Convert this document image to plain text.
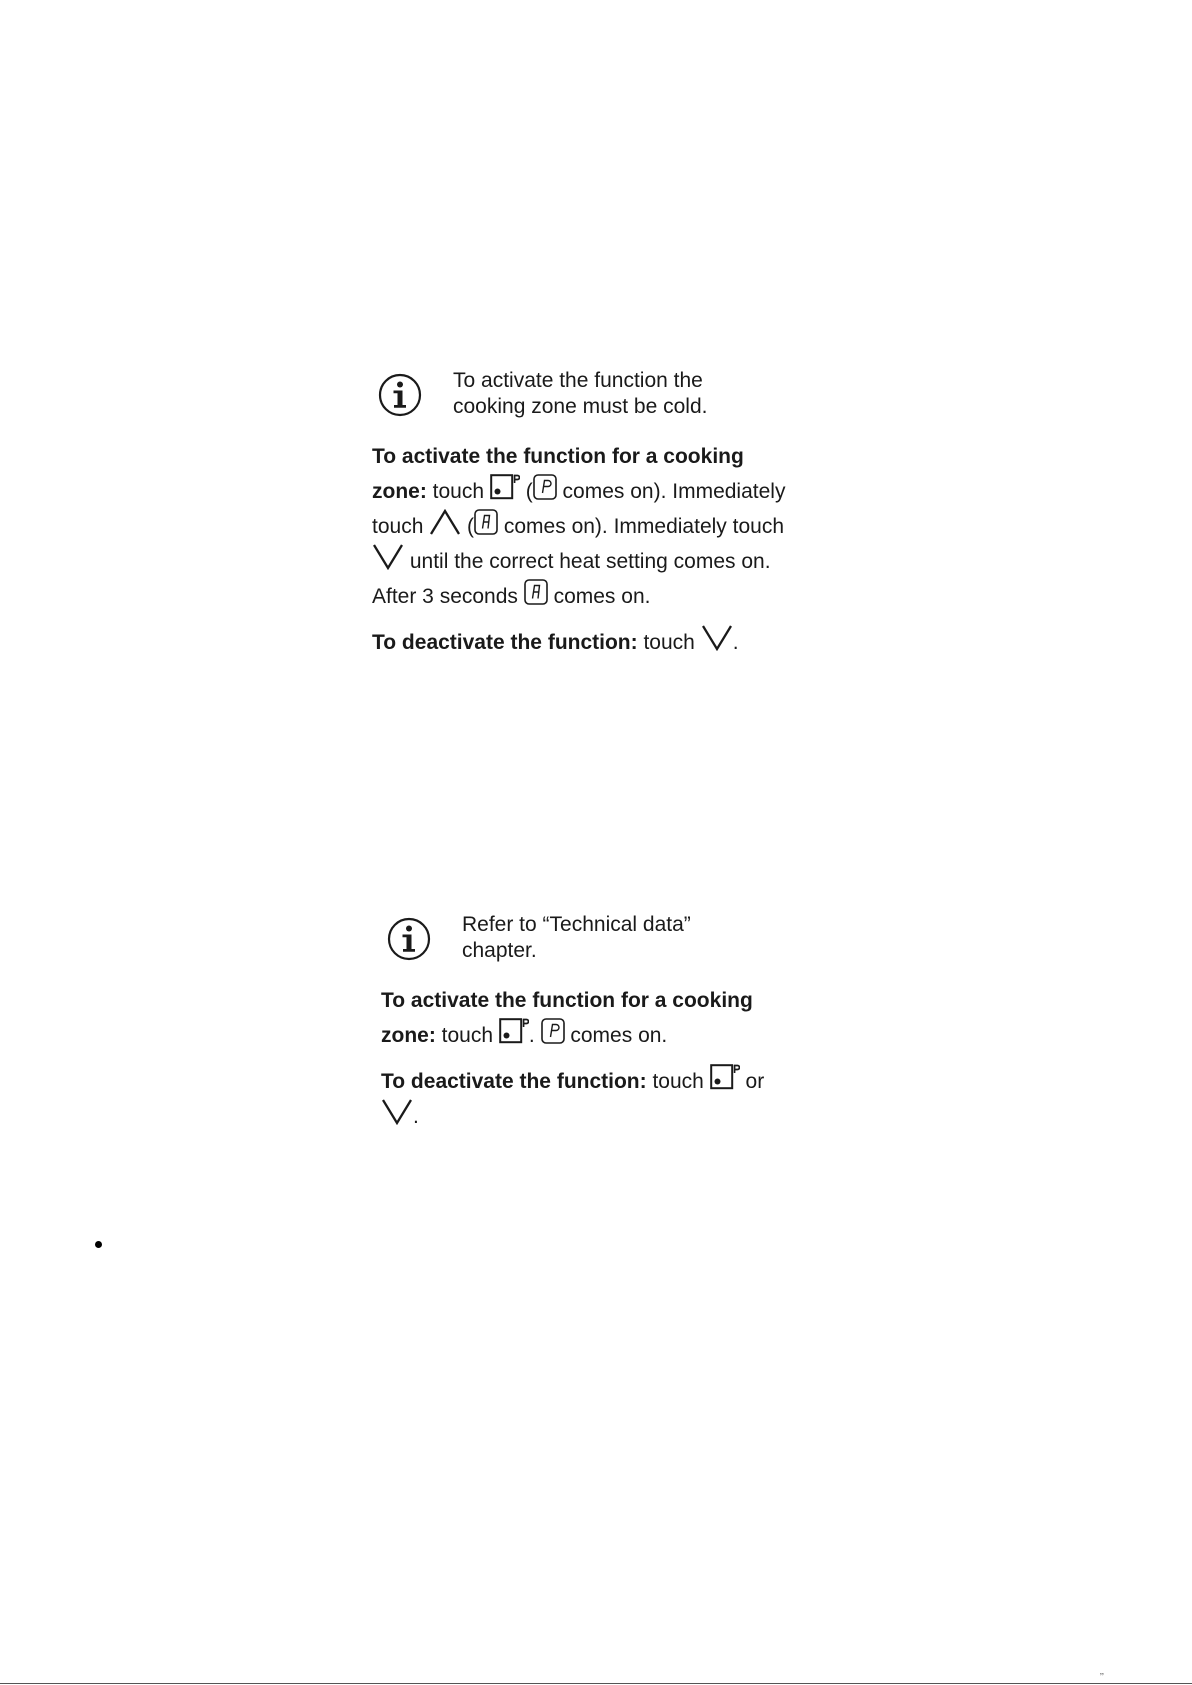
To activate the function the
cooking zone must be cold.
To activate the function for a cooking
zone: touch  ( comes on). Immediately
touch  ( comes on). Immediately touch
until the correct heat setting comes on.
After 3 seconds  comes on.
To deactivate the function: touch .
Refer to “Technical data”
chapter.
To activate the function for a cooking
zone: touch .  comes on.
To deactivate the function: touch  or
.
’’
